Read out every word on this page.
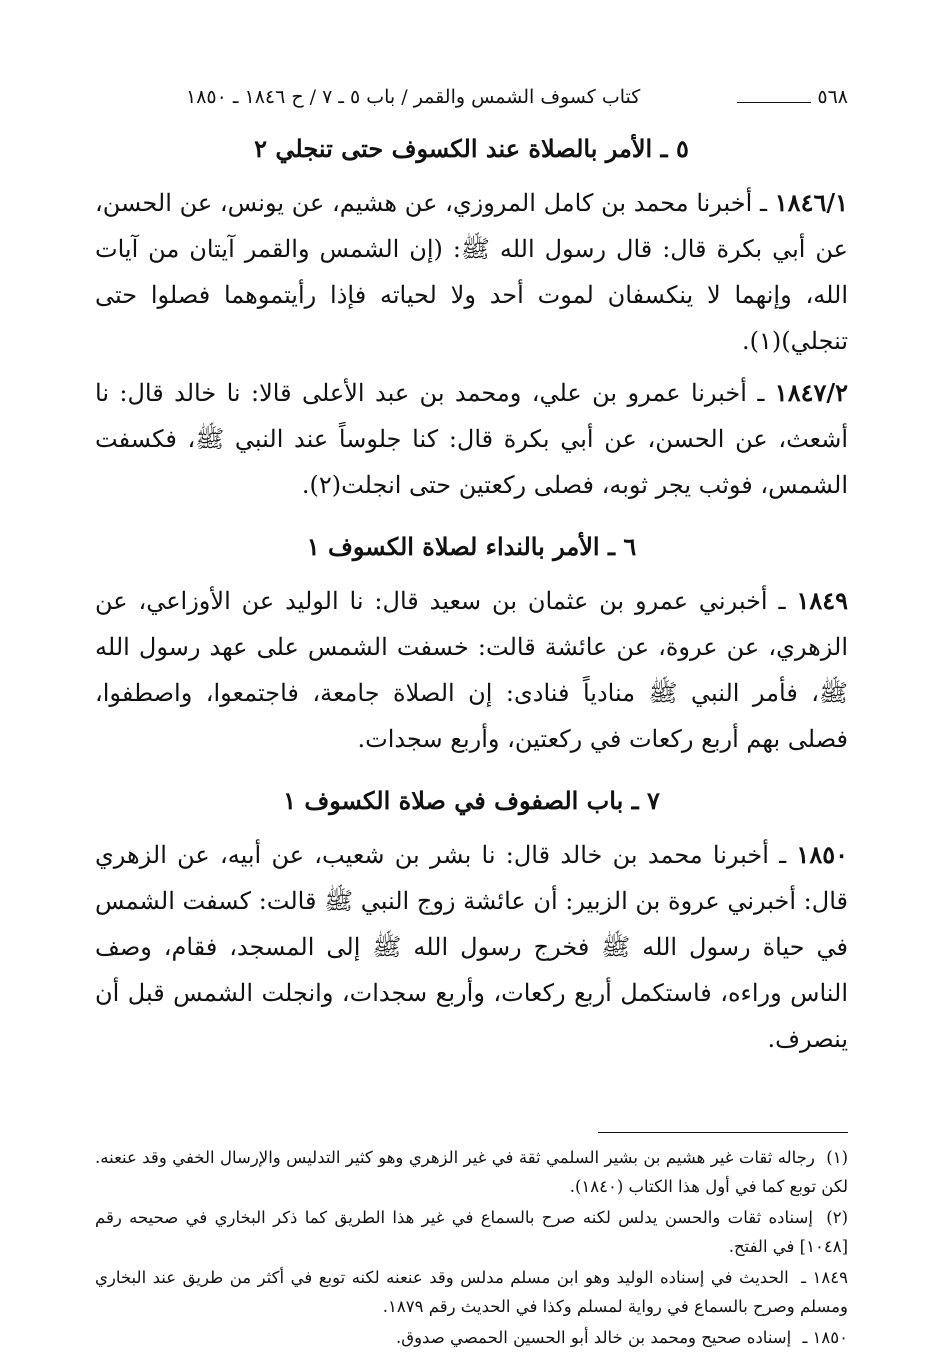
٥٦٨
كتاب كسوف الشمس والقمر / باب ٥ ـ ٧ / ح ١٨٤٦ ـ ١٨٥٠
٥ ـ الأمر بالصلاة عند الكسوف حتى تنجلي ٢

١٨٤٦/١ ـ أخبرنا محمد بن كامل المروزي، عن هشيم، عن يونس، عن الحسن، عن أبي بكرة قال: قال رسول الله ﷺ: (إن الشمس والقمر آيتان من آيات الله، وإنهما لا ينكسفان لموت أحد ولا لحياته فإذا رأيتموهما فصلوا حتى تنجلي)(١).

١٨٤٧/٢ ـ أخبرنا عمرو بن علي، ومحمد بن عبد الأعلى قالا: نا خالد قال: نا أشعث، عن الحسن، عن أبي بكرة قال: كنا جلوساً عند النبي ﷺ، فكسفت الشمس، فوثب يجر ثوبه، فصلى ركعتين حتى انجلت(٢).

٦ ـ الأمر بالنداء لصلاة الكسوف ١

١٨٤٩ ـ أخبرني عمرو بن عثمان بن سعيد قال: نا الوليد عن الأوزاعي، عن الزهري، عن عروة، عن عائشة قالت: خسفت الشمس على عهد رسول الله ﷺ، فأمر النبي ﷺ منادياً فنادى: إن الصلاة جامعة، فاجتمعوا، واصطفوا، فصلى بهم أربع ركعات في ركعتين، وأربع سجدات.

٧ ـ باب الصفوف في صلاة الكسوف ١

١٨٥٠ ـ أخبرنا محمد بن خالد قال: نا بشر بن شعيب، عن أبيه، عن الزهري قال: أخبرني عروة بن الزبير: أن عائشة زوج النبي ﷺ قالت: كسفت الشمس في حياة رسول الله ﷺ فخرج رسول الله ﷺ إلى المسجد، فقام، وصف الناس وراءه، فاستكمل أربع ركعات، وأربع سجدات، وانجلت الشمس قبل أن ينصرف.

(١) رجاله ثقات غير هشيم بن بشير السلمي ثقة في غير الزهري وهو كثير التدليس والإرسال الخفي وقد عنعنه. لكن توبع كما في أول هذا الكتاب (١٨٤٠).

(٢) إسناده ثقات والحسن يدلس لكنه صرح بالسماع في غير هذا الطريق كما ذكر البخاري في صحيحه رقم [١٠٤٨] في الفتح.

١٨٤٩ ـ الحديث في إسناده الوليد وهو ابن مسلم مدلس وقد عنعنه لكنه توبع في أكثر من طريق عند البخاري ومسلم وصرح بالسماع في رواية لمسلم وكذا في الحديث رقم ١٨٧٩.

١٨٥٠ ـ إسناده صحيح ومحمد بن خالد أبو الحسين الحمصي صدوق.
